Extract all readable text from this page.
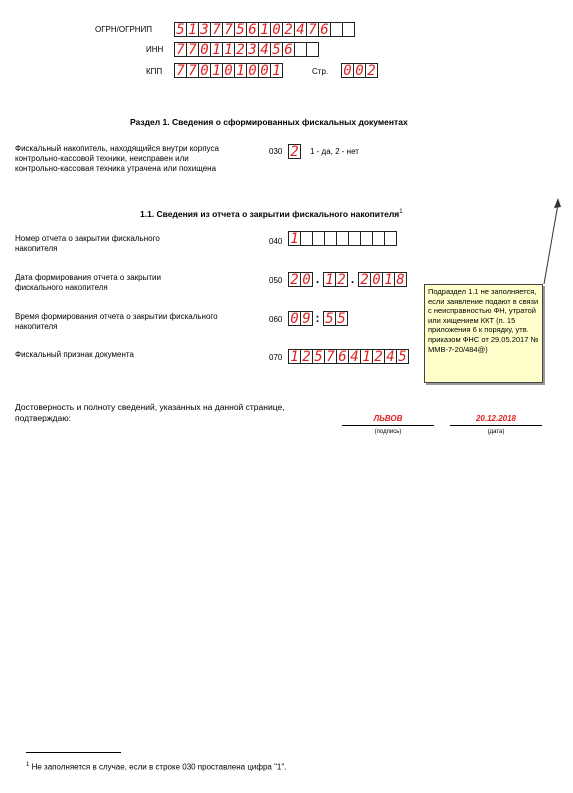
ОГРН/ОГРНИП 5 1 3 7 7 5 6 1 0 2 4 7 6
ИНН 7 7 0 1 1 2 3 4 5 6
КПП 7 7 0 1 0 1 0 0 1	Стр. 0 0 2
Раздел 1. Сведения о сформированных фискальных документах
Фискальный накопитель, находящийся внутри корпуса контрольно-кассовой техники, неисправен или контрольно-кассовая техника утрачена или похищена
030 2 1 - да, 2 - нет
1.1. Сведения из отчета о закрытии фискального накопителя$^1$
Номер отчета о закрытии фискального накопителя
040 1
Дата формирования отчета о закрытии фискального накопителя
050 2 0 . 1 2 . 2 0 1 8
Время формирования отчета о закрытии фискального накопителя
060 0 9 : 5 5
Фискальный признак документа	070 1 2 5 7 6 4 1 2 4 5
Подраздел 1.1 не заполняется, если заявление подают в связи с неисправностью ФН, утратой или хищением ККТ (п. 15 приложения 6 к порядку, утв. приказом ФНС от 29.05.2017 № ММВ-7-20/484@)
Достоверность и полноту сведений, указанных на данной странице, подтверждаю:	ЛЬВОВ
(подпись)
20.12.2018
(дата)
$^1$ Не заполняется в случае, если в строке 030 проставлена цифра "1".
